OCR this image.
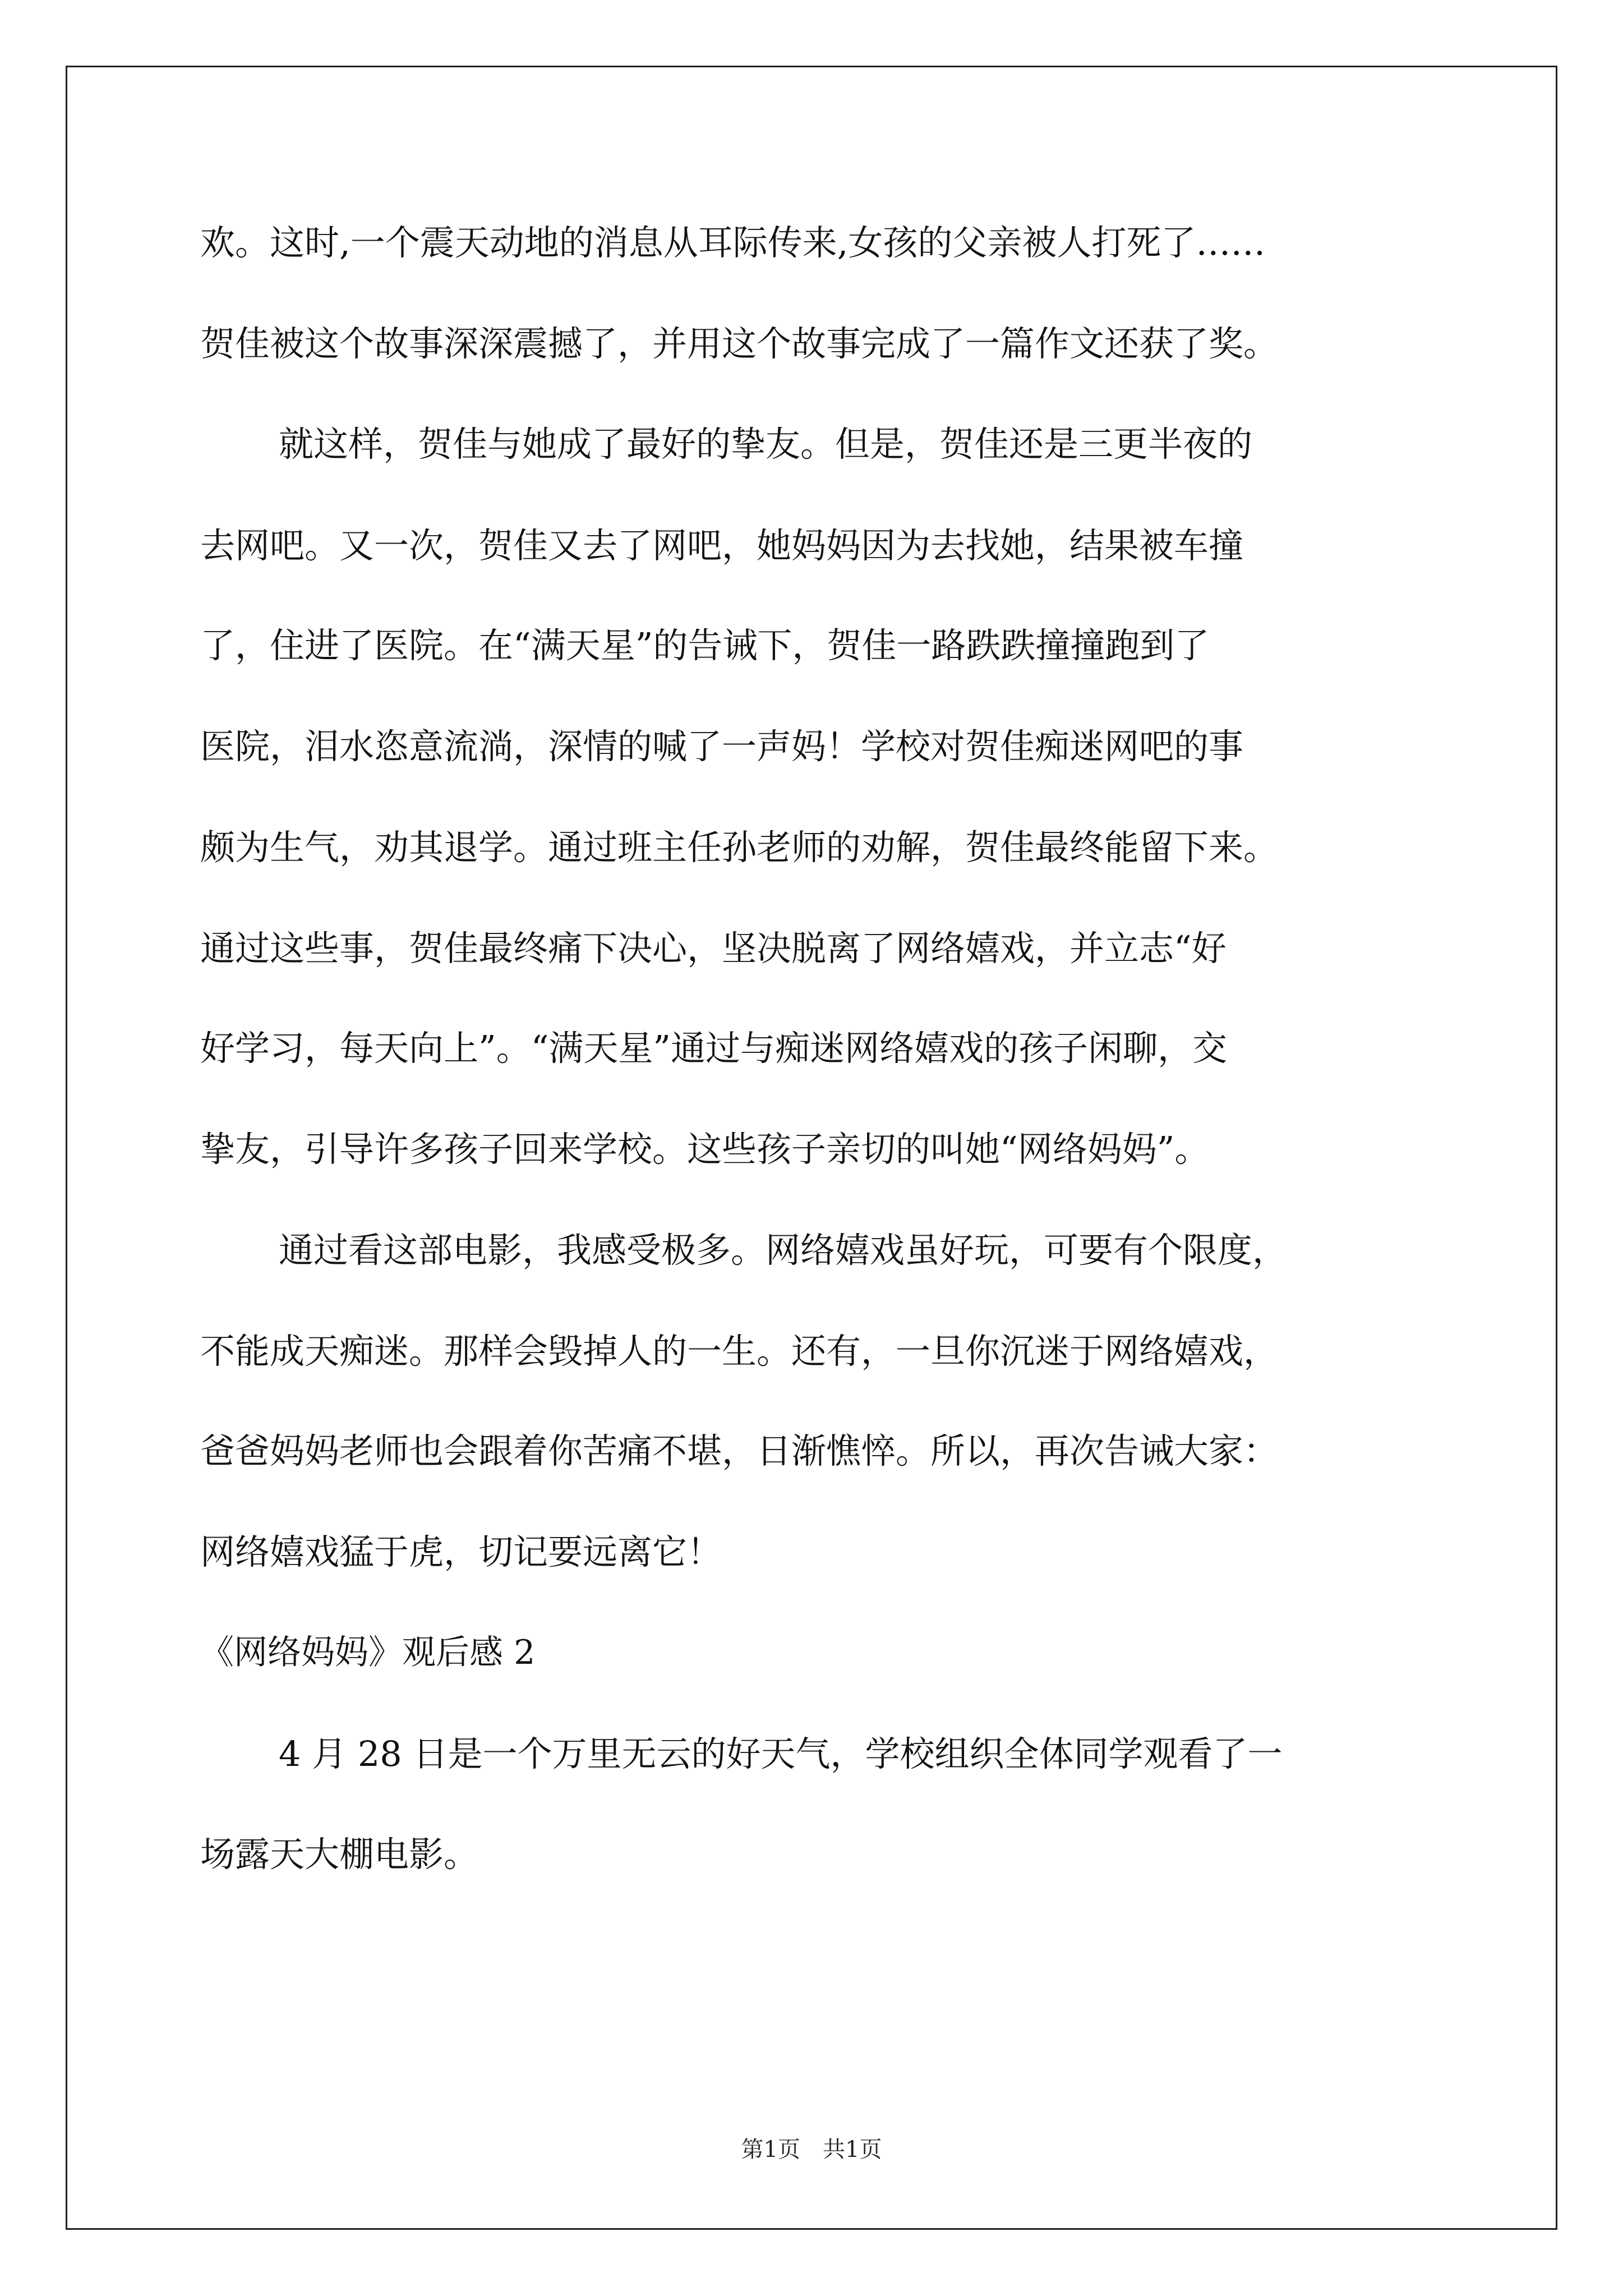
欢。这时,一个震天动地的消息从耳际传来,女孩的父亲被人打死了……
贺佳被这个故事深深震撼了，并用这个故事完成了一篇作文还获了奖。
就这样，贺佳与她成了最好的挚友。但是，贺佳还是三更半夜的
去网吧。又一次，贺佳又去了网吧，她妈妈因为去找她，结果被车撞
了，住进了医院。在“满天星”的告诫下，贺佳一路跌跌撞撞跑到了
医院，泪水恣意流淌，深情的喊了一声妈！学校对贺佳痴迷网吧的事
颇为生气，劝其退学。通过班主任孙老师的劝解，贺佳最终能留下来。
通过这些事，贺佳最终痛下决心，坚决脱离了网络嬉戏，并立志“好
好学习，每天向上”。“满天星”通过与痴迷网络嬉戏的孩子闲聊，交
挚友，引导许多孩子回来学校。这些孩子亲切的叫她“网络妈妈”。
通过看这部电影，我感受极多。网络嬉戏虽好玩，可要有个限度，
不能成天痴迷。那样会毁掉人的一生。还有，一旦你沉迷于网络嬉戏，
爸爸妈妈老师也会跟着你苦痛不堪，日渐憔悴。所以，再次告诫大家：
网络嬉戏猛于虎，切记要远离它！
《网络妈妈》观后感 2
4 月 28 日是一个万里无云的好天气，学校组织全体同学观看了一
场露天大棚电影。
第1页 共1页
